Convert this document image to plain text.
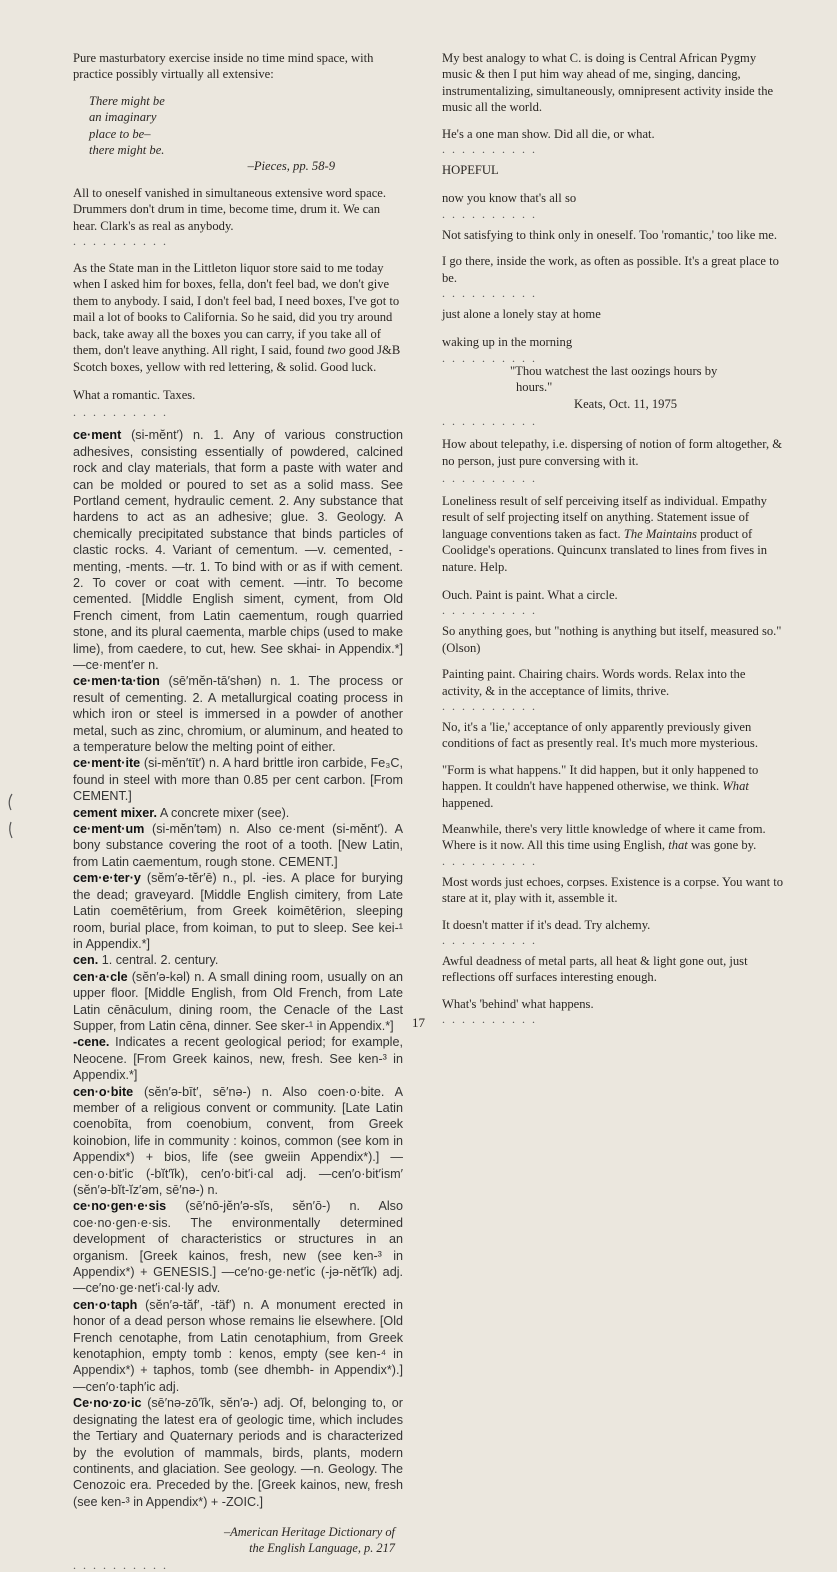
Pure masturbatory exercise inside no time mind space, with practice possibly virtually all extensive:

There might be
an imaginary
place to be–
there might be.

–Pieces, pp. 58-9

All to oneself vanished in simultaneous extensive word space. Drummers don't drum in time, become time, drum it. We can hear. Clark's as real as anybody.

. . . . . . . . . .

As the State man in the Littleton liquor store said to me today when I asked him for boxes, fella, don't feel bad, we don't give them to anybody. I said, I don't feel bad, I need boxes, I've got to mail a lot of books to California. So he said, did you try around back, take away all the boxes you can carry, if you take all of them, don't leave anything. All right, I said, found two good J&B Scotch boxes, yellow with red lettering, & solid. Good luck.

What a romantic. Taxes.

. . . . . . . . . .

ce·ment (si-mĕnt′) n. 1. Any of various construction adhesives, consisting essentially of powdered, calcined rock and clay materials, that form a paste with water and can be molded or poured to set as a solid mass. See Portland cement, hydraulic cement. 2. Any substance that hardens to act as an adhesive; glue. 3. Geology. A chemically precipitated substance that binds particles of clastic rocks. 4. Variant of cementum. —v. cemented, -menting, -ments. —tr. 1. To bind with or as if with cement. 2. To cover or coat with cement. —intr. To become cemented. [Middle English siment, cyment, from Old French ciment, from Latin caementum, rough quarried stone, and its plural caementa, marble chips (used to make lime), from caedere, to cut, hew. See skhai- in Appendix.*] —ce·ment′er n.

ce·men·ta·tion (sē′mĕn-tā′shən) n. 1. The process or result of cementing. 2. A metallurgical coating process in which iron or steel is immersed in a powder of another metal, such as zinc, chromium, or aluminum, and heated to a temperature below the melting point of either.

ce·ment·ite (si-mĕn′tīt′) n. A hard brittle iron carbide, Fe₃C, found in steel with more than 0.85 per cent carbon. [From CEMENT.]

cement mixer. A concrete mixer (see).

ce·ment·um (si-mĕn′təm) n. Also ce·ment (si-mĕnt′). A bony substance covering the root of a tooth. [New Latin, from Latin caementum, rough stone. CEMENT.]

cem·e·ter·y (sĕm′ə-tĕr′ē) n., pl. -ies. A place for burying the dead; graveyard. [Middle English cimitery, from Late Latin coemētērium, from Greek koimētērion, sleeping room, burial place, from koiman, to put to sleep. See kei-¹ in Appendix.*]

cen. 1. central. 2. century.

cen·a·cle (sĕn′ə-kəl) n. A small dining room, usually on an upper floor. [Middle English, from Old French, from Late Latin cēnāculum, dining room, the Cenacle of the Last Supper, from Latin cēna, dinner. See sker-¹ in Appendix.*]

-cene. Indicates a recent geological period; for example, Neocene. [From Greek kainos, new, fresh. See ken-³ in Appendix.*]

cen·o·bite (sĕn′ə-bīt′, sē′nə-) n. Also coen·o·bite. A member of a religious convent or community. [Late Latin coenobīta, from coenobium, convent, from Greek koinobion, life in community : koinos, common (see kom in Appendix*) + bios, life (see gweiin Appendix*).] —cen·o·bit′ic (-bĭt′ĭk), cen′o·bit′i·cal adj. —cen′o·bit′ism′ (sĕn′ə-bĭt-ĭz′əm, sē′nə-) n.

ce·no·gen·e·sis (sē′nō-jĕn′ə-sĭs, sĕn′ō-) n. Also coe·no·gen·e·sis. The environmentally determined development of characteristics or structures in an organism. [Greek kainos, fresh, new (see ken-³ in Appendix*) + GENESIS.] —ce′no·ge·net′ic (-jə-nĕt′ĭk) adj. —ce′no·ge·net′i·cal·ly adv.

cen·o·taph (sĕn′ə-tăf′, -täf′) n. A monument erected in honor of a dead person whose remains lie elsewhere. [Old French cenotaphe, from Latin cenotaphium, from Greek kenotaphion, empty tomb : kenos, empty (see ken-⁴ in Appendix*) + taphos, tomb (see dhembh- in Appendix*).] —cen′o·taph′ic adj.

Ce·no·zo·ic (sē′nə-zō′ĭk, sĕn′ə-) adj. Of, belonging to, or designating the latest era of geologic time, which includes the Tertiary and Quaternary periods and is characterized by the evolution of mammals, birds, plants, modern continents, and glaciation. See geology. —n. Geology. The Cenozoic era. Preceded by the. [Greek kainos, new, fresh (see ken-³ in Appendix*) + -ZOIC.]

–American Heritage Dictionary of
the English Language, p. 217

. . . . . . . . . .

My best analogy to what C. is doing is Central African Pygmy music & then I put him way ahead of me, singing, dancing, instrumentalizing, simultaneously, omnipresent activity inside the music all the world.

He's a one man show. Did all die, or what.

. . . . . . . . . .

HOPEFUL

now you know that's all so

. . . . . . . . . .

Not satisfying to think only in oneself. Too 'romantic,' too like me.

I go there, inside the work, as often as possible. It's a great place to be.

. . . . . . . . . .

just alone a lonely stay at home

waking up in the morning

. . . . . . . . . .

"Thou watchest the last oozings hours by

hours."

Keats, Oct. 11, 1975

. . . . . . . . . .

How about telepathy, i.e. dispersing of notion of form altogether, & no person, just pure conversing with it.

. . . . . . . . . .

Loneliness result of self perceiving itself as individual. Empathy result of self projecting itself on anything. Statement issue of language conventions taken as fact. The Maintains product of Coolidge's operations. Quincunx translated to lines from fives in nature. Help.

Ouch. Paint is paint. What a circle.

. . . . . . . . . .

So anything goes, but "nothing is anything but itself, measured so." (Olson)

Painting paint. Chairing chairs. Words words. Relax into the activity, & in the acceptance of limits, thrive.

. . . . . . . . . .

No, it's a 'lie,' acceptance of only apparently previously given conditions of fact as presently real. It's much more mysterious.

"Form is what happens." It did happen, but it only happened to happen. It couldn't have happened otherwise, we think. What happened.

Meanwhile, there's very little knowledge of where it came from. Where is it now. All this time using English, that was gone by.

. . . . . . . . . .

Most words just echoes, corpses. Existence is a corpse. You want to stare at it, play with it, assemble it.

It doesn't matter if it's dead. Try alchemy.

. . . . . . . . . .

Awful deadness of metal parts, all heat & light gone out, just reflections off surfaces interesting enough.

What's 'behind' what happens.

. . . . . . . . . .

17
